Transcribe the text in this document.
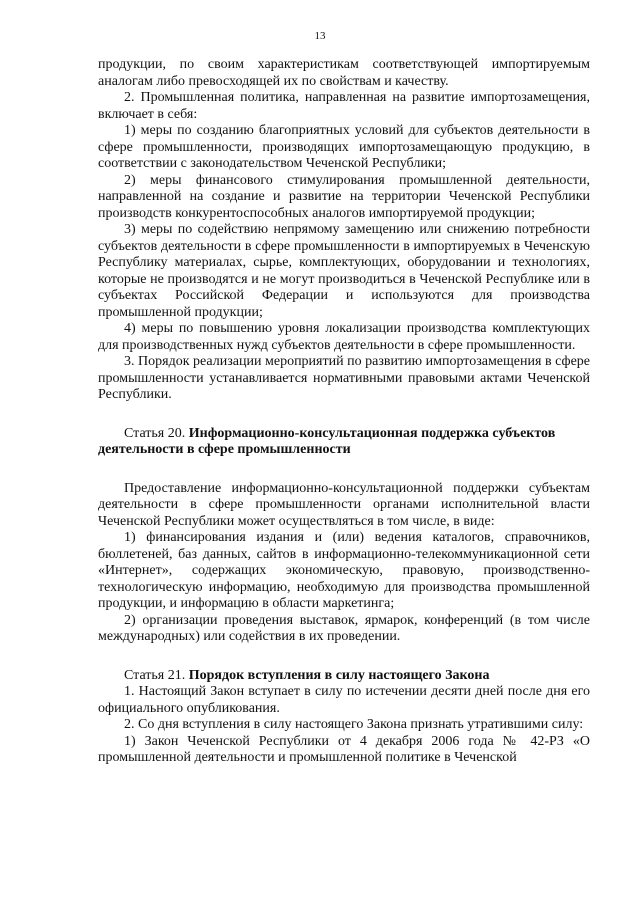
13

продукции, по своим характеристикам соответствующей импортируемым аналогам либо превосходящей их по свойствам и качеству.

2. Промышленная политика, направленная на развитие импортозамещения, включает в себя:

1) меры по созданию благоприятных условий для субъектов деятельности в сфере промышленности, производящих импортозамещающую продукцию, в соответствии с законодательством Чеченской Республики;

2) меры финансового стимулирования промышленной деятельности, направленной на создание и развитие на территории Чеченской Республики производств конкурентоспособных аналогов импортируемой продукции;

3) меры по содействию непрямому замещению или снижению потребности субъектов деятельности в сфере промышленности в импортируемых в Чеченскую Республику материалах, сырье, комплектующих, оборудовании и технологиях, которые не производятся и не могут производиться в Чеченской Республике или в субъектах Российской Федерации и используются для производства промышленной продукции;

4) меры по повышению уровня локализации производства комплектующих для производственных нужд субъектов деятельности в сфере промышленности.

3. Порядок реализации мероприятий по развитию импортозамещения в сфере промышленности устанавливается нормативными правовыми актами Чеченской Республики.

Статья 20. Информационно-консультационная поддержка субъектов

деятельности в сфере промышленности

Предоставление информационно-консультационной поддержки субъектам деятельности в сфере промышленности органами исполнительной власти Чеченской Республики может осуществляться в том числе, в виде:

1) финансирования издания и (или) ведения каталогов, справочников, бюллетеней, баз данных, сайтов в информационно-телекоммуникационной сети «Интернет», содержащих экономическую, правовую, производственно-технологическую информацию, необходимую для производства промышленной продукции, и информацию в области маркетинга;

2) организации проведения выставок, ярмарок, конференций (в том числе международных) или содействия в их проведении.

Статья 21. Порядок вступления в силу настоящего Закона

1. Настоящий Закон вступает в силу по истечении десяти дней после дня его официального опубликования.

2. Со дня вступления в силу настоящего Закона признать утратившими силу:

1) Закон Чеченской Республики от 4 декабря 2006 года № 42-РЗ «О промышленной деятельности и промышленной политике в Чеченской
